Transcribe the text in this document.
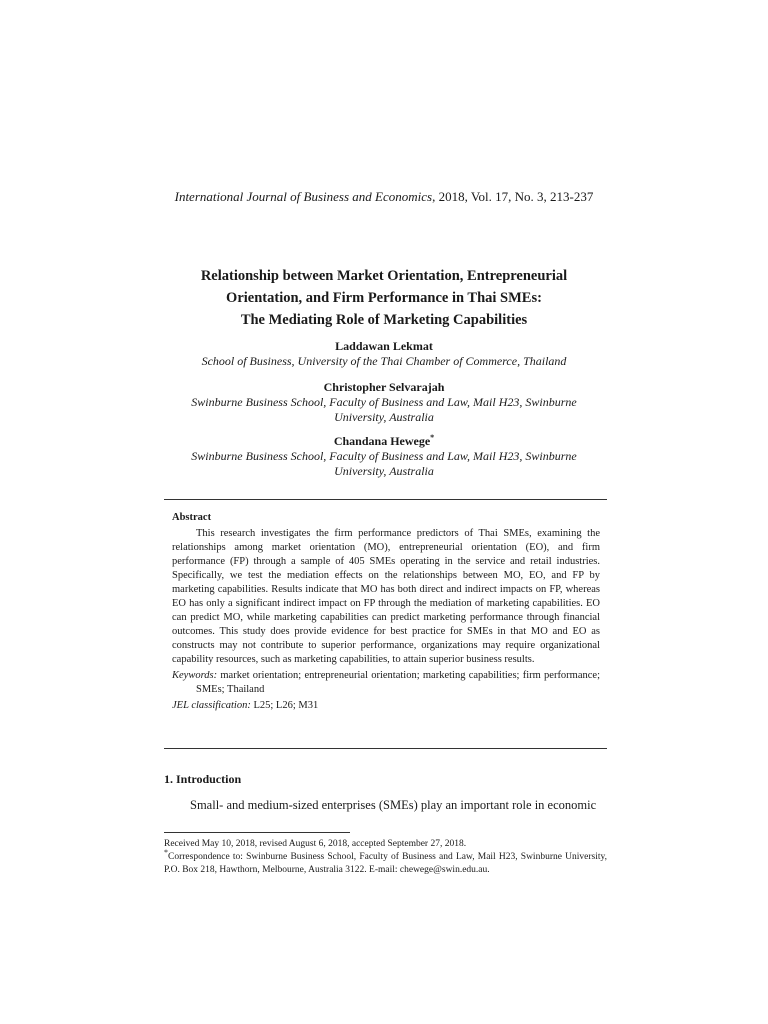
International Journal of Business and Economics, 2018, Vol. 17, No. 3, 213-237
Relationship between Market Orientation, Entrepreneurial
Orientation, and Firm Performance in Thai SMEs:
The Mediating Role of Marketing Capabilities
Laddawan Lekmat
School of Business, University of the Thai Chamber of Commerce, Thailand
Christopher Selvarajah
Swinburne Business School, Faculty of Business and Law, Mail H23, Swinburne
University, Australia
Chandana Hewege*
Swinburne Business School, Faculty of Business and Law, Mail H23, Swinburne
University, Australia
Abstract

This research investigates the firm performance predictors of Thai SMEs, examining the relationships among market orientation (MO), entrepreneurial orientation (EO), and firm performance (FP) through a sample of 405 SMEs operating in the service and retail industries. Specifically, we test the mediation effects on the relationships between MO, EO, and FP by marketing capabilities. Results indicate that MO has both direct and indirect impacts on FP, whereas EO has only a significant indirect impact on FP through the mediation of marketing capabilities. EO can predict MO, while marketing capabilities can predict marketing performance through financial outcomes. This study does provide evidence for best practice for SMEs in that MO and EO as constructs may not contribute to superior performance, organizations may require organizational capability resources, such as marketing capabilities, to attain superior business results.

Keywords: market orientation; entrepreneurial orientation; marketing capabilities; firm performance; SMEs; Thailand
JEL classification: L25; L26; M31
1. Introduction
Small- and medium-sized enterprises (SMEs) play an important role in economic

Received May 10, 2018, revised August 6, 2018, accepted September 27, 2018.

*Correspondence to: Swinburne Business School, Faculty of Business and Law, Mail H23, Swinburne University, P.O. Box 218, Hawthorn, Melbourne, Australia 3122. E-mail: chewege@swin.edu.au.
